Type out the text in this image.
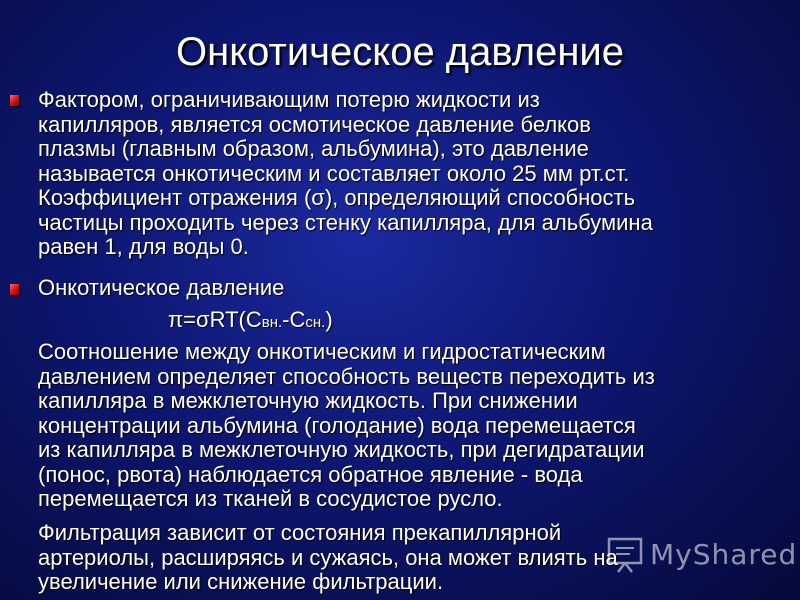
Онкотическое давление
Фактором, ограничивающим потерю жидкости из
капилляров, является осмотическое давление белков
плазмы (главным образом, альбумина), это давление
называется онкотическим и составляет около 25 мм рт.ст.
Коэффициент отражения (σ), определяющий способность
частицы проходить через стенку капилляра, для альбумина
равен 1, для воды 0.
Онкотическое давление
π=σRT(Свн.-Ссн.)
Соотношение между онкотическим и гидростатическим
давлением определяет способность веществ переходить из
капилляра в межклеточную жидкость. При снижении
концентрации альбумина (голодание) вода перемещается
из капилляра в межклеточную жидкость, при дегидратации
(понос, рвота) наблюдается обратное явление - вода
перемещается из тканей в сосудистое русло.
Фильтрация зависит от состояния прекапиллярной
артериолы, расширяясь и сужаясь, она может влиять на
увеличение или снижение фильтрации.
MyShared
